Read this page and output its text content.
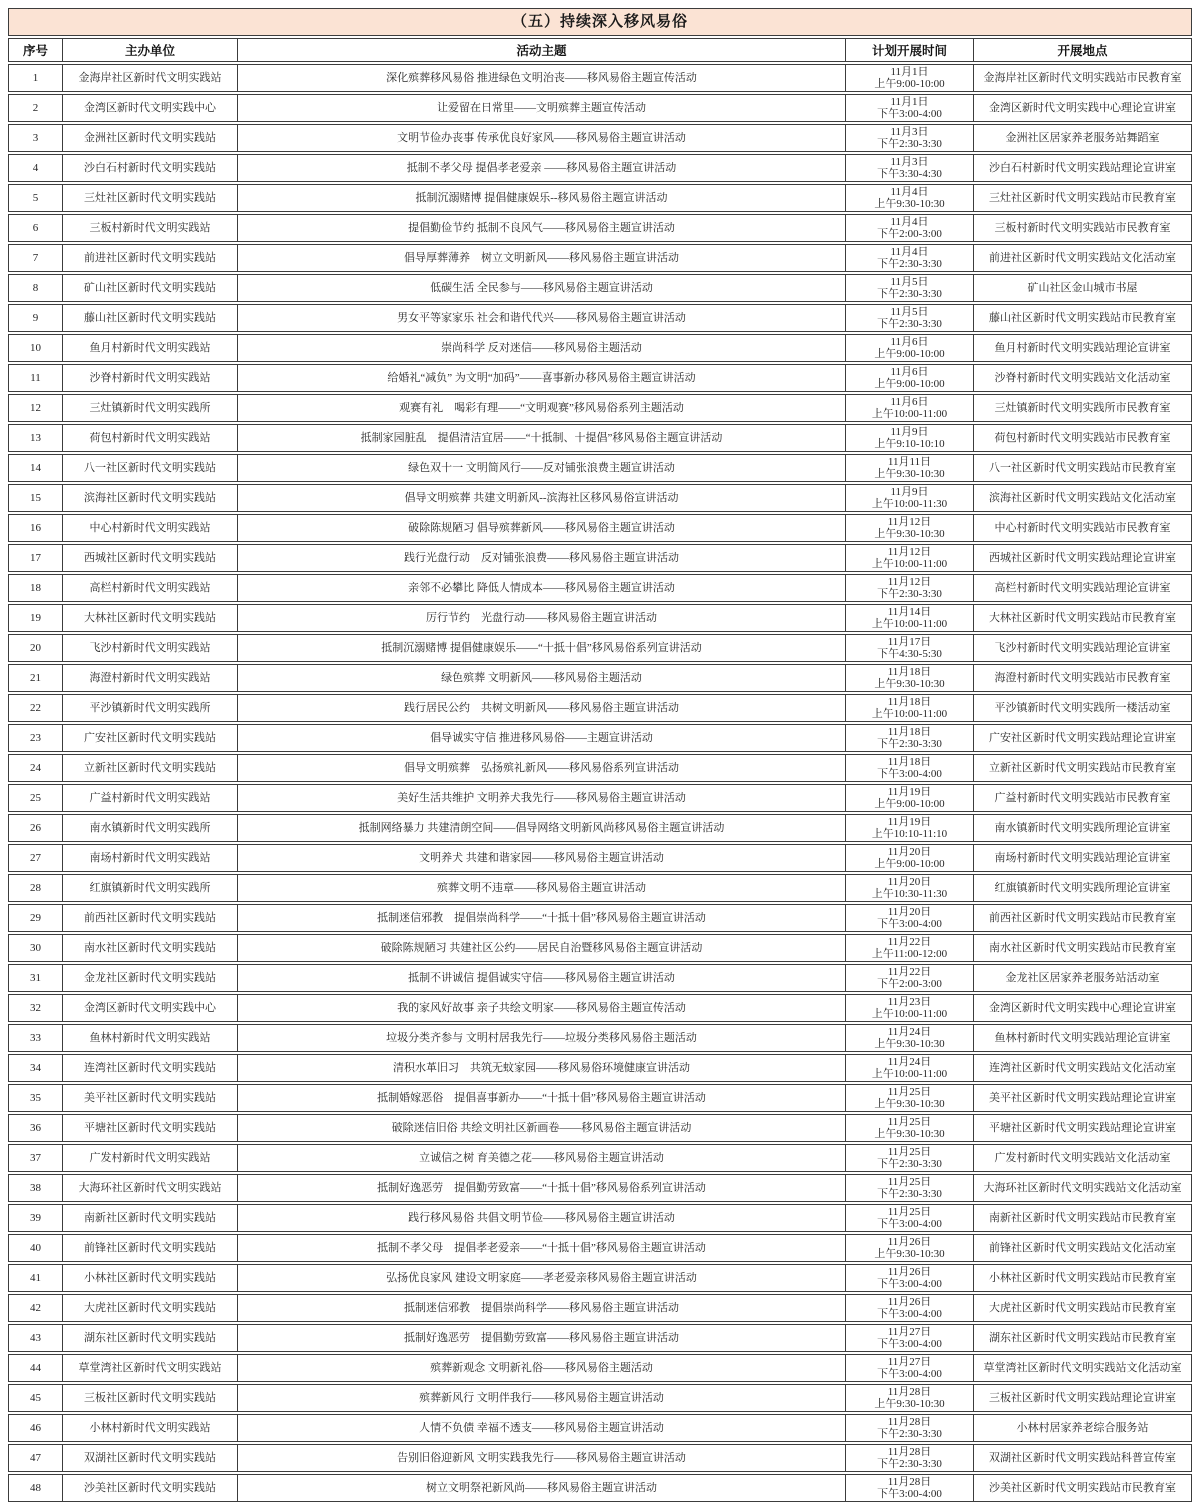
（五）持续深入移风易俗
序号	主办单位	活动主题	计划开展时间	开展地点
1	金海岸社区新时代文明实践站	深化殡葬移风易俗 推进绿色文明治丧——移风易俗主题宣传活动	11月1日
上午9:00-10:00	金海岸社区新时代文明实践站市民教育室
2	金湾区新时代文明实践中心	让爱留在日常里——文明殡葬主题宣传活动	11月1日
下午3:00-4:00	金湾区新时代文明实践中心理论宣讲室
3	金洲社区新时代文明实践站	文明节俭办丧事 传承优良好家风——移风易俗主题宣讲活动	11月3日
下午2:30-3:30	金洲社区居家养老服务站舞蹈室
4	沙白石村新时代文明实践站	抵制不孝父母 提倡孝老爱亲 ——移风易俗主题宣讲活动	11月3日
下午3:30-4:30	沙白石村新时代文明实践站理论宣讲室
5	三灶社区新时代文明实践站	抵制沉溺赌博 提倡健康娱乐--移风易俗主题宣讲活动	11月4日
上午9:30-10:30	三灶社区新时代文明实践站市民教育室
6	三板村新时代文明实践站	提倡勤俭节约 抵制不良风气——移风易俗主题宣讲活动	11月4日
下午2:00-3:00	三板村新时代文明实践站市民教育室
7	前进社区新时代文明实践站	倡导厚葬薄养　树立文明新风——移风易俗主题宣讲活动	11月4日
下午2:30-3:30	前进社区新时代文明实践站文化活动室
8	矿山社区新时代文明实践站	低碳生活 全民参与——移风易俗主题宣讲活动	11月5日
下午2:30-3:30	矿山社区金山城市书屋
9	藤山社区新时代文明实践站	男女平等家家乐 社会和谐代代兴——移风易俗主题宣讲活动	11月5日
下午2:30-3:30	藤山社区新时代文明实践站市民教育室
10	鱼月村新时代文明实践站	崇尚科学 反对迷信——移风易俗主题活动	11月6日
上午9:00-10:00	鱼月村新时代文明实践站理论宣讲室
11	沙脊村新时代文明实践站	给婚礼“减负” 为文明“加码”——喜事新办移风易俗主题宣讲活动	11月6日
上午9:00-10:00	沙脊村新时代文明实践站文化活动室
12	三灶镇新时代文明实践所	观赛有礼　喝彩有理——“文明观赛”移风易俗系列主题活动	11月6日
上午10:00-11:00	三灶镇新时代文明实践所市民教育室
13	荷包村新时代文明实践站	抵制家园脏乱　提倡清洁宜居——“十抵制、十提倡”移风易俗主题宣讲活动	11月9日
上午9:10-10:10	荷包村新时代文明实践站市民教育室
14	八一社区新时代文明实践站	绿色双十一 文明简风行——反对铺张浪费主题宣讲活动	11月11日
上午9:30-10:30	八一社区新时代文明实践站市民教育室
15	滨海社区新时代文明实践站	倡导文明殡葬 共建文明新风--滨海社区移风易俗宣讲活动	11月9日
上午10:00-11:30	滨海社区新时代文明实践站文化活动室
16	中心村新时代文明实践站	破除陈规陋习 倡导殡葬新风——移风易俗主题宣讲活动	11月12日
上午9:30-10:30	中心村新时代文明实践站市民教育室
17	西城社区新时代文明实践站	践行光盘行动　反对铺张浪费——移风易俗主题宣讲活动	11月12日
上午10:00-11:00	西城社区新时代文明实践站理论宣讲室
18	高栏村新时代文明实践站	亲邻不必攀比 降低人情成本——移风易俗主题宣讲活动	11月12日
下午2:30-3:30	高栏村新时代文明实践站理论宣讲室
19	大林社区新时代文明实践站	厉行节约　光盘行动——移风易俗主题宣讲活动	11月14日
上午10:00-11:00	大林社区新时代文明实践站市民教育室
20	飞沙村新时代文明实践站	抵制沉溺赌博 提倡健康娱乐——“十抵十倡”移风易俗系列宣讲活动	11月17日
下午4:30-5:30	飞沙村新时代文明实践站理论宣讲室
21	海澄村新时代文明实践站	绿色殡葬 文明新风——移风易俗主题活动	11月18日
上午9:30-10:30	海澄村新时代文明实践站市民教育室
22	平沙镇新时代文明实践所	践行居民公约　共树文明新风——移风易俗主题宣讲活动	11月18日
上午10:00-11:00	平沙镇新时代文明实践所一楼活动室
23	广安社区新时代文明实践站	倡导诚实守信 推进移风易俗——主题宣讲活动	11月18日
下午2:30-3:30	广安社区新时代文明实践站理论宣讲室
24	立新社区新时代文明实践站	倡导文明殡葬　弘扬殡礼新风——移风易俗系列宣讲活动	11月18日
下午3:00-4:00	立新社区新时代文明实践站市民教育室
25	广益村新时代文明实践站	美好生活共维护 文明养犬我先行——移风易俗主题宣讲活动	11月19日
上午9:00-10:00	广益村新时代文明实践站市民教育室
26	南水镇新时代文明实践所	抵制网络暴力 共建清朗空间——倡导网络文明新风尚移风易俗主题宣讲活动	11月19日
上午10:10-11:10	南水镇新时代文明实践所理论宣讲室
27	南场村新时代文明实践站	文明养犬 共建和谐家园——移风易俗主题宣讲活动	11月20日
上午9:00-10:00	南场村新时代文明实践站理论宣讲室
28	红旗镇新时代文明实践所	殡葬文明不违章——移风易俗主题宣讲活动	11月20日
上午10:30-11:30	红旗镇新时代文明实践所理论宣讲室
29	前西社区新时代文明实践站	抵制迷信邪教　提倡崇尚科学——“十抵十倡”移风易俗主题宣讲活动	11月20日
下午3:00-4:00	前西社区新时代文明实践站市民教育室
30	南水社区新时代文明实践站	破除陈规陋习 共建社区公约——居民自治暨移风易俗主题宣讲活动	11月22日
上午11:00-12:00	南水社区新时代文明实践站市民教育室
31	金龙社区新时代文明实践站	抵制不讲诚信 提倡诚实守信——移风易俗主题宣讲活动	11月22日
下午2:00-3:00	金龙社区居家养老服务站活动室
32	金湾区新时代文明实践中心	我的家风好故事 亲子共绘文明家——移风易俗主题宣传活动	11月23日
上午10:00-11:00	金湾区新时代文明实践中心理论宣讲室
33	鱼林村新时代文明实践站	垃圾分类齐参与 文明村居我先行——垃圾分类移风易俗主题活动	11月24日
上午9:30-10:30	鱼林村新时代文明实践站理论宣讲室
34	连湾社区新时代文明实践站	清积水革旧习　共筑无蚊家园——移风易俗环境健康宣讲活动	11月24日
上午10:00-11:00	连湾社区新时代文明实践站文化活动室
35	美平社区新时代文明实践站	抵制婚嫁恶俗　提倡喜事新办——“十抵十倡”移风易俗主题宣讲活动	11月25日
上午9:30-10:30	美平社区新时代文明实践站理论宣讲室
36	平塘社区新时代文明实践站	破除迷信旧俗 共绘文明社区新画卷——移风易俗主题宣讲活动	11月25日
上午9:30-10:30	平塘社区新时代文明实践站理论宣讲室
37	广发村新时代文明实践站	立诚信之树 育美德之花——移风易俗主题宣讲活动	11月25日
下午2:30-3:30	广发村新时代文明实践站文化活动室
38	大海环社区新时代文明实践站	抵制好逸恶劳　提倡勤劳致富——“十抵十倡”移风易俗系列宣讲活动	11月25日
下午2:30-3:30	大海环社区新时代文明实践站文化活动室
39	南新社区新时代文明实践站	践行移风易俗 共倡文明节俭——移风易俗主题宣讲活动	11月25日
下午3:00-4:00	南新社区新时代文明实践站市民教育室
40	前锋社区新时代文明实践站	抵制不孝父母　提倡孝老爱亲——“十抵十倡”移风易俗主题宣讲活动	11月26日
上午9:30-10:30	前锋社区新时代文明实践站文化活动室
41	小林社区新时代文明实践站	弘扬优良家风 建设文明家庭——孝老爱亲移风易俗主题宣讲活动	11月26日
下午3:00-4:00	小林社区新时代文明实践站市民教育室
42	大虎社区新时代文明实践站	抵制迷信邪教　提倡崇尚科学——移风易俗主题宣讲活动	11月26日
下午3:00-4:00	大虎社区新时代文明实践站市民教育室
43	湖东社区新时代文明实践站	抵制好逸恶劳　提倡勤劳致富——移风易俗主题宣讲活动	11月27日
下午3:00-4:00	湖东社区新时代文明实践站市民教育室
44	草堂湾社区新时代文明实践站	殡葬新观念 文明新礼俗——移风易俗主题活动	11月27日
下午3:00-4:00	草堂湾社区新时代文明实践站文化活动室
45	三板社区新时代文明实践站	殡葬新风行 文明伴我行——移风易俗主题宣讲活动	11月28日
上午9:30-10:30	三板社区新时代文明实践站理论宣讲室
46	小林村新时代文明实践站	人情不负债 幸福不透支——移风易俗主题宣讲活动	11月28日
下午2:30-3:30	小林村居家养老综合服务站
47	双湖社区新时代文明实践站	告别旧俗迎新风 文明实践我先行——移风易俗主题宣讲活动	11月28日
下午2:30-3:30	双湖社区新时代文明实践站科普宣传室
48	沙美社区新时代文明实践站	树立文明祭祀新风尚——移风易俗主题宣讲活动	11月28日
下午3:00-4:00	沙美社区新时代文明实践站市民教育室
